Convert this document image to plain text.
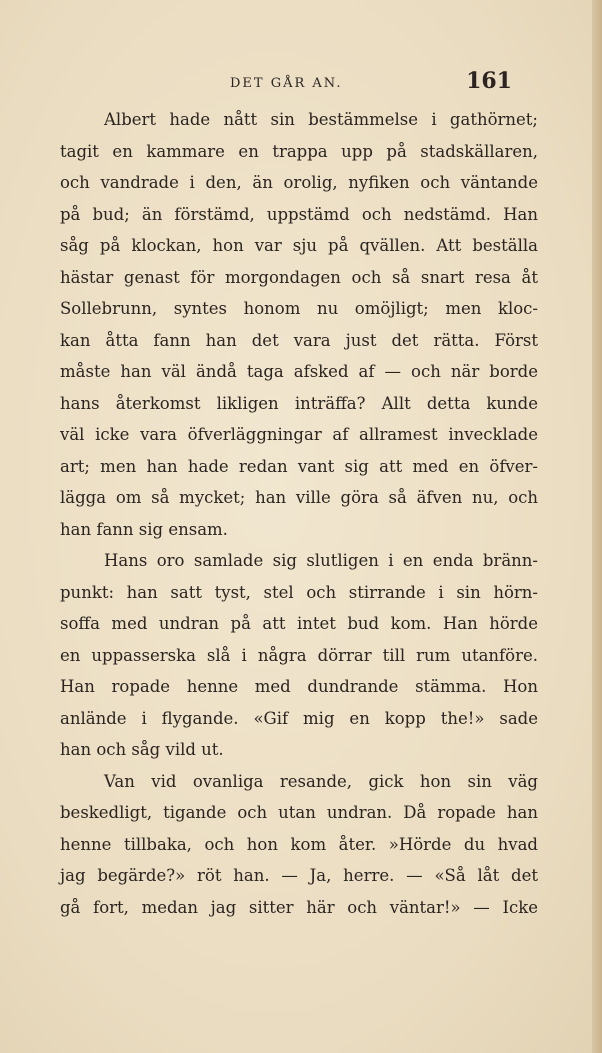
DET GÅR AN.	161
Albert hade nått sin bestämmelse i gathörnet;
tagit en kammare en trappa upp på stadskällaren,
och vandrade i den, än orolig, nyfiken och väntande
på bud; än förstämd, uppstämd och nedstämd. Han
såg på klockan, hon var sju på qvällen. Att beställa
hästar genast för morgondagen och så snart resa åt
Sollebrunn, syntes honom nu omöjligt; men kloc-
kan åtta fann han det vara just det rätta. Först
måste han väl ändå taga afsked af — och när borde
hans återkomst likligen inträffa? Allt detta kunde
väl icke vara öfverläggningar af allramest invecklade
art; men han hade redan vant sig att med en öfver-
lägga om så mycket; han ville göra så äfven nu, och
han fann sig ensam.
Hans oro samlade sig slutligen i en enda bränn-
punkt: han satt tyst, stel och stirrande i sin hörn-
soffa med undran på att intet bud kom. Han hörde
en uppasserska slå i några dörrar till rum utanföre.
Han ropade henne med dundrande stämma. Hon
anlände i flygande. «Gif mig en kopp the!» sade
han och såg vild ut.
Van vid ovanliga resande, gick hon sin väg
beskedligt, tigande och utan undran. Då ropade han
henne tillbaka, och hon kom åter. »Hörde du hvad
jag begärde?» röt han. — Ja, herre. — «Så låt det
gå fort, medan jag sitter här och väntar!» — Icke
